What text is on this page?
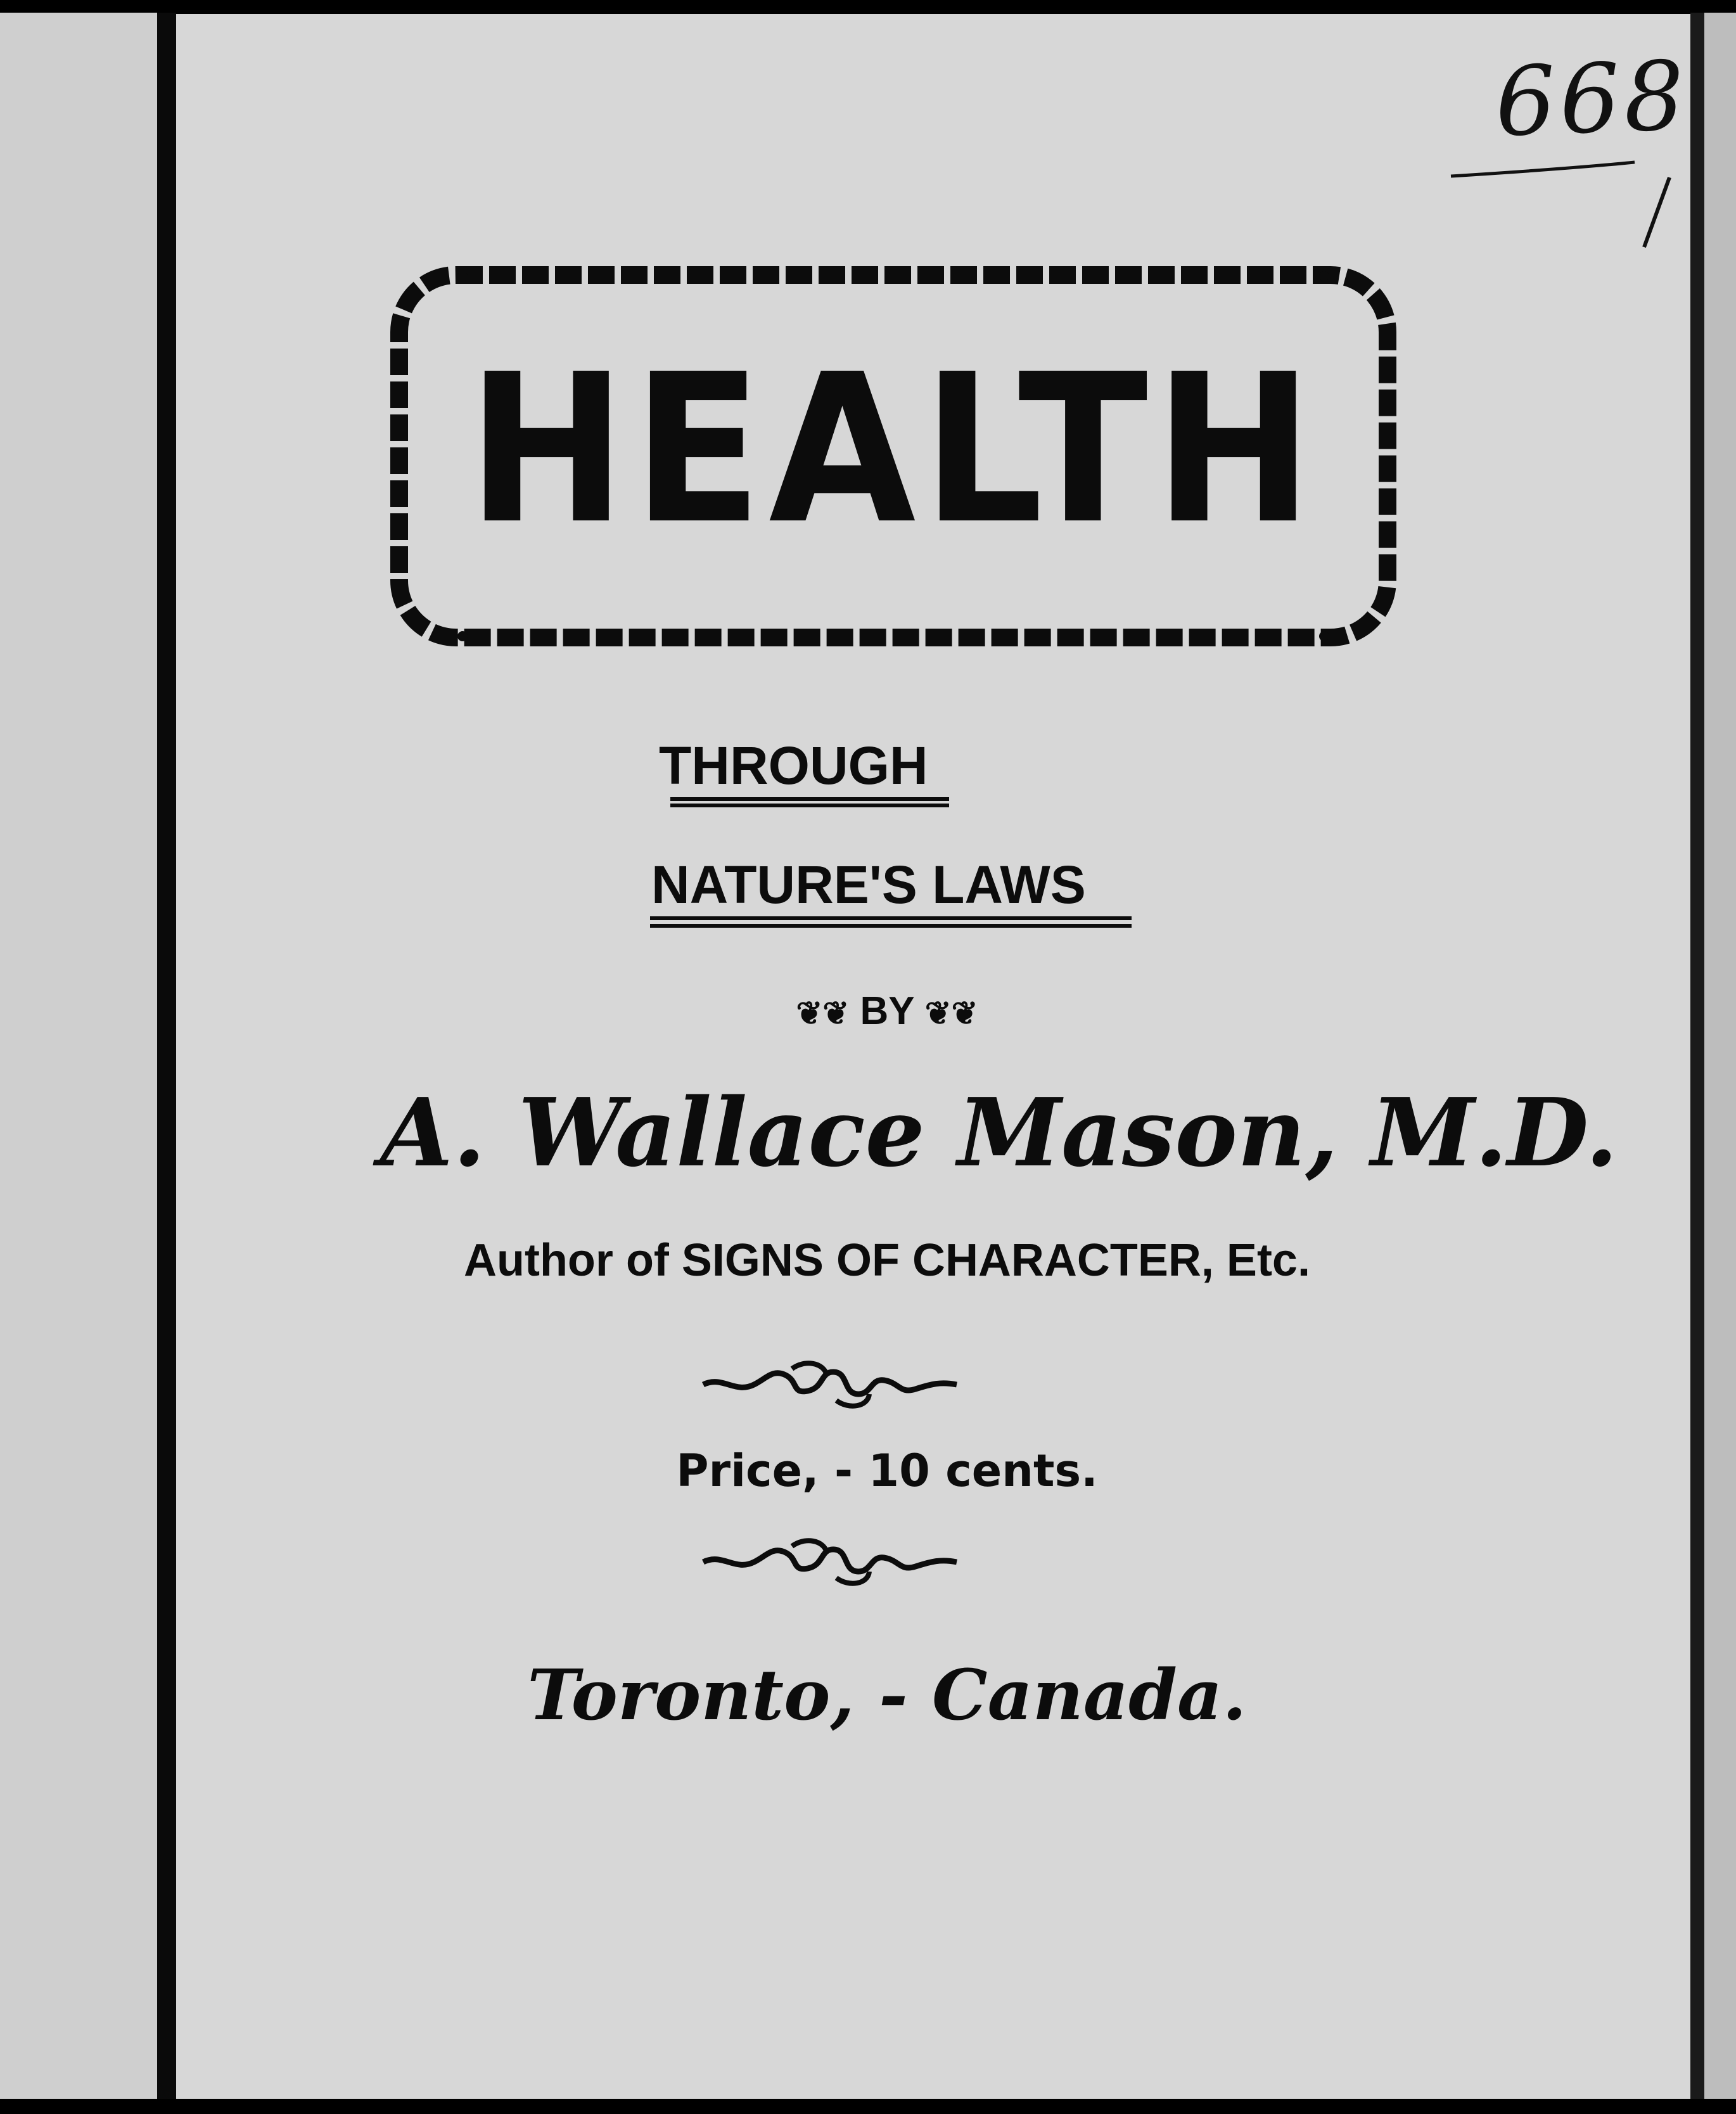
668
HEALTH
THROUGH
NATURE'S LAWS
❦❦ BY ❦❦
A. Wallace Mason, M.D.
Author of SIGNS OF CHARACTER, Etc.
Price, - 10 cents.
Toronto, - Canada.
